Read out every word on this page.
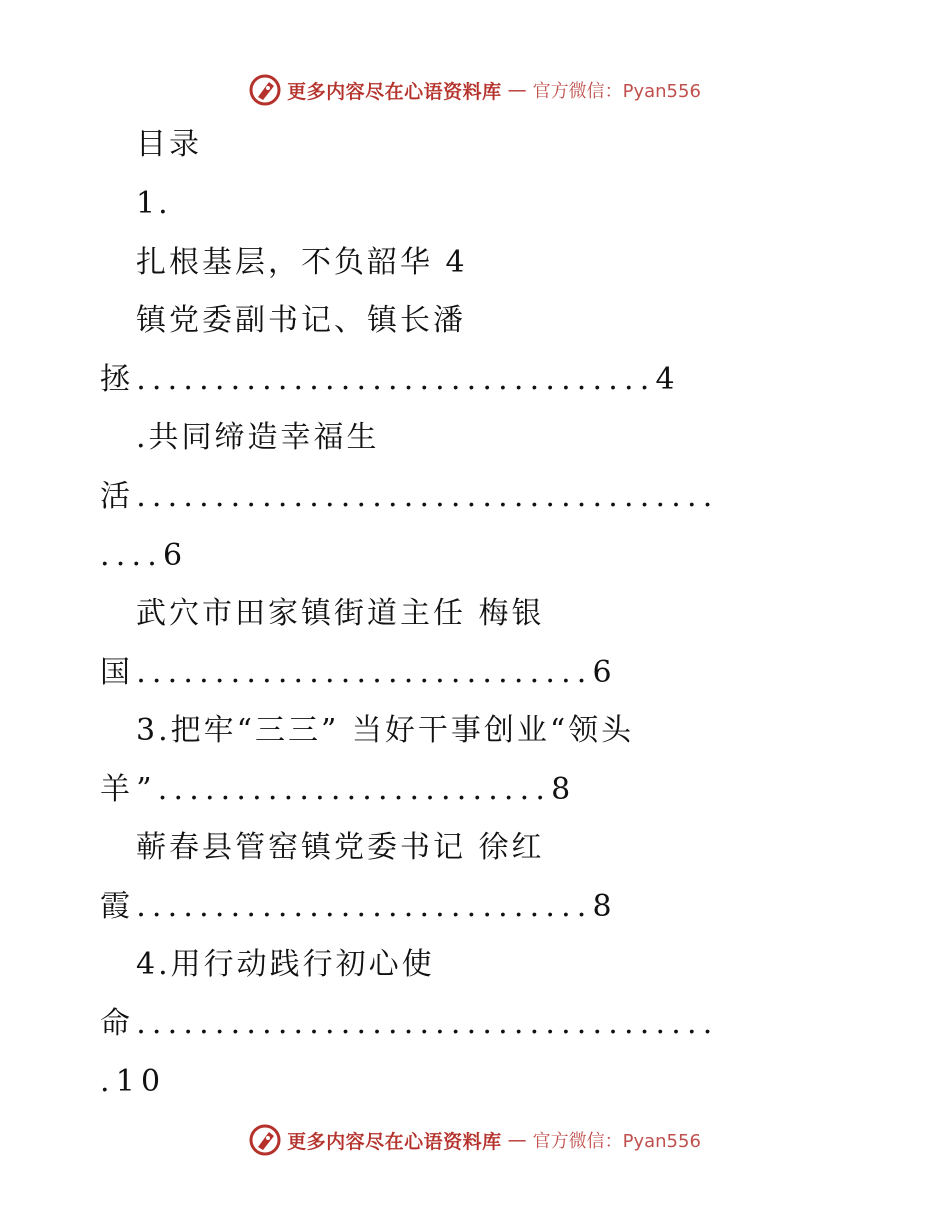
更多内容尽在心语资料库 — 官方微信：Pyan556
目录
1.
扎根基层，不负韶华 4
镇党委副书记、镇长潘
拯.................................4
.共同缔造幸福生
活.....................................
....6
武穴市田家镇街道主任 梅银
国.............................6
3.把牢“三三” 当好干事创业“领头
羊”.........................8
蕲春县管窑镇党委书记 徐红
霞.............................8
4.用行动践行初心使
命.....................................
.10
更多内容尽在心语资料库 — 官方微信：Pyan556
